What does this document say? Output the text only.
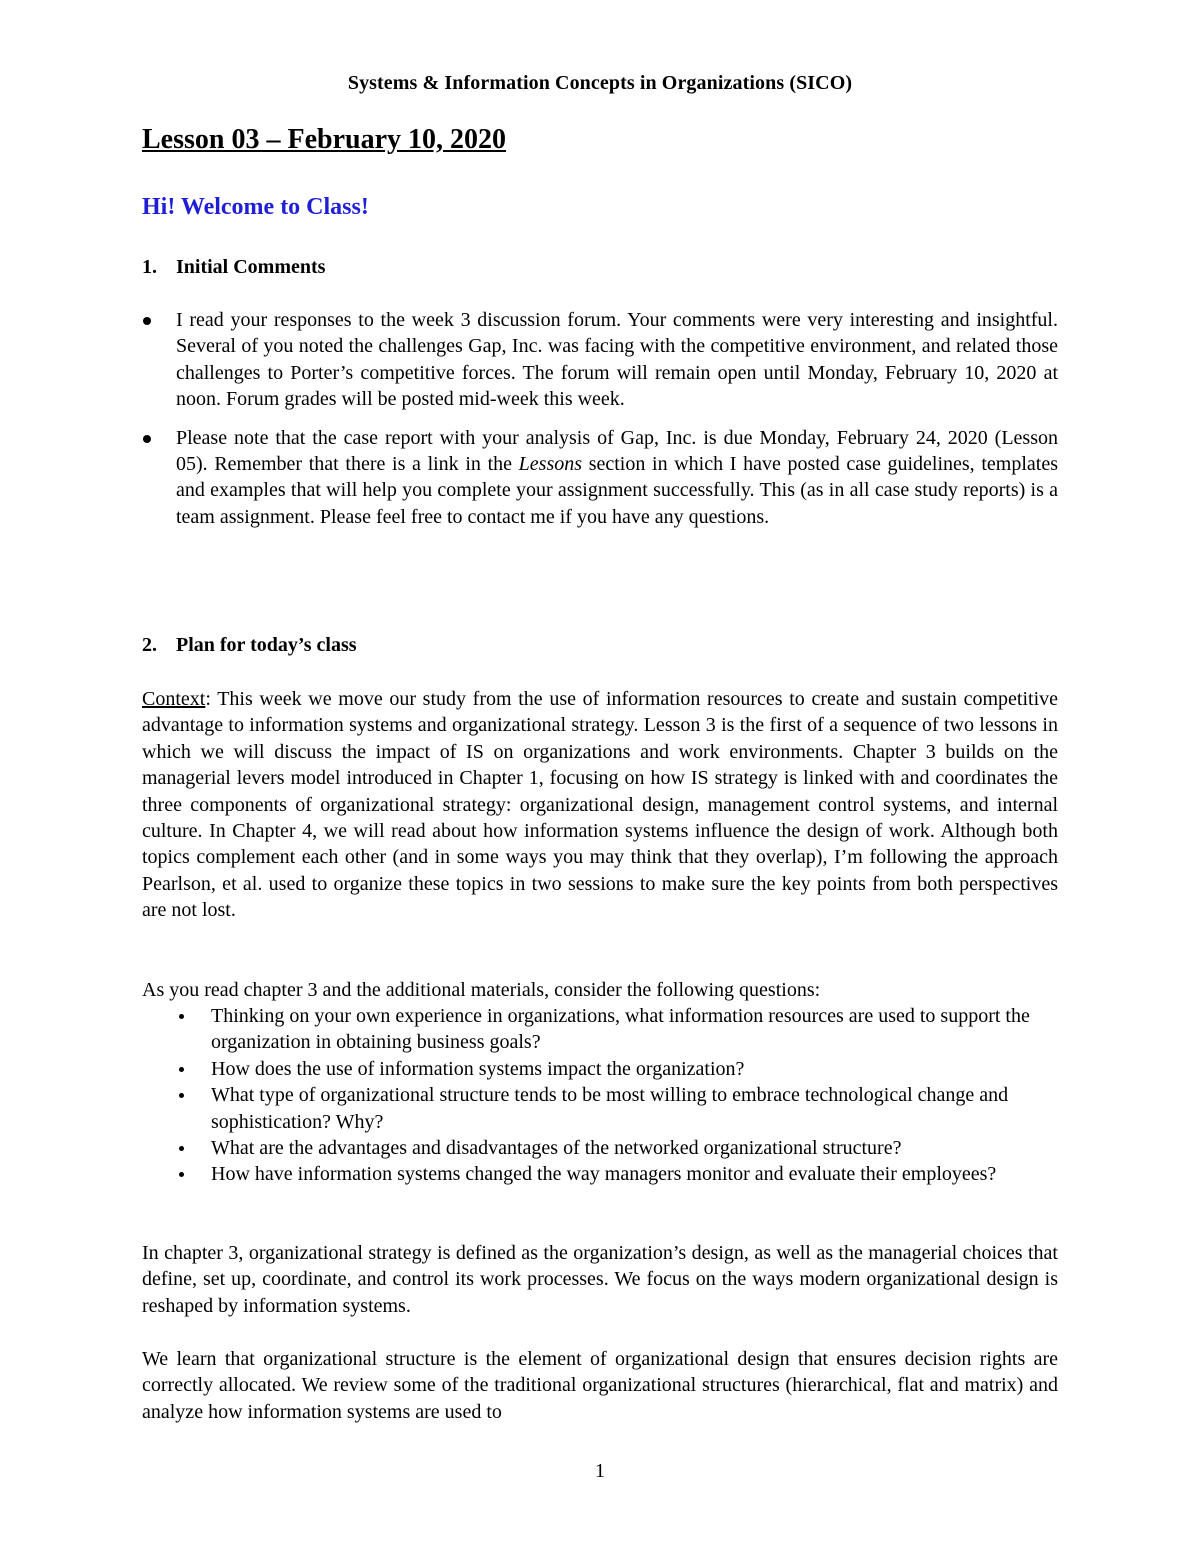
Systems & Information Concepts in Organizations (SICO)
Lesson 03 – February 10, 2020
Hi! Welcome to Class!
1. Initial Comments
I read your responses to the week 3 discussion forum. Your comments were very interesting and insightful. Several of you noted the challenges Gap, Inc. was facing with the competitive environment, and related those challenges to Porter’s competitive forces. The forum will remain open until Monday, February 10, 2020 at noon. Forum grades will be posted mid-week this week.
Please note that the case report with your analysis of Gap, Inc. is due Monday, February 24, 2020 (Lesson 05). Remember that there is a link in the Lessons section in which I have posted case guidelines, templates and examples that will help you complete your assignment successfully. This (as in all case study reports) is a team assignment. Please feel free to contact me if you have any questions.
2. Plan for today’s class
Context: This week we move our study from the use of information resources to create and sustain competitive advantage to information systems and organizational strategy. Lesson 3 is the first of a sequence of two lessons in which we will discuss the impact of IS on organizations and work environments. Chapter 3 builds on the managerial levers model introduced in Chapter 1, focusing on how IS strategy is linked with and coordinates the three components of organizational strategy: organizational design, management control systems, and internal culture. In Chapter 4, we will read about how information systems influence the design of work. Although both topics complement each other (and in some ways you may think that they overlap), I’m following the approach Pearlson, et al. used to organize these topics in two sessions to make sure the key points from both perspectives are not lost.
As you read chapter 3 and the additional materials, consider the following questions:
Thinking on your own experience in organizations, what information resources are used to support the organization in obtaining business goals?
How does the use of information systems impact the organization?
What type of organizational structure tends to be most willing to embrace technological change and sophistication? Why?
What are the advantages and disadvantages of the networked organizational structure?
How have information systems changed the way managers monitor and evaluate their employees?
In chapter 3, organizational strategy is defined as the organization’s design, as well as the managerial choices that define, set up, coordinate, and control its work processes. We focus on the ways modern organizational design is reshaped by information systems.
We learn that organizational structure is the element of organizational design that ensures decision rights are correctly allocated. We review some of the traditional organizational structures (hierarchical, flat and matrix) and analyze how information systems are used to
1
